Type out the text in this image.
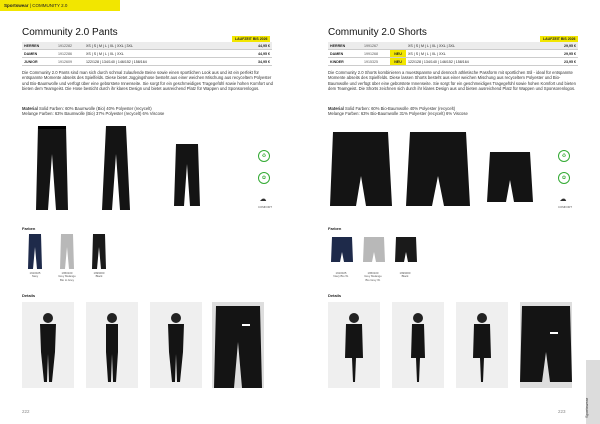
Sportswear | COMMUNITY 2.0
Community 2.0 Pants
LAUFZEIT BIS 2026
HERREN	1912282	XS | S | M | L | XL | XXL | 3XL	44,95 €
DAMEN	1912286	XS | S | M | L | XL | XXL	44,95 €
JUNIOR	1912609	122/128 | 134/140 | 146/152 | 158/164	34,95 €
Die Community 2.0 Pants sind man sich durch schmal zulaufende Beine sowie einen sportlichen Look aus und ist ein perfekt für entspannte Momente abseits des Spielfelds. Diese bietet Joggingshose besteht aus einer weichen Mischung aus recyceltem Polyester und Bio-Baumwolle und verfügt über eine gebürstete Innenseite. Sie sorgt für ein geschmeidiges Tragegefühl sowie hohen Komfort und bieten dem Teamgeist. Die Hose besticht durch ihr klares Design und bietet ausreichend Platz für Wappen und Sponsorenlogos.
Material Solid Farben: 60% Baumwolle (Bio) 40% Polyester (recycelt)
Melange Farben: 63% Baumwolle (Bio) 37% Polyester (recycelt) 6% Viscose
♻
✿
☁
COMFORT
Farben
1910025
Navy
1950100
Grey Melange Bio Lt.Grey
1999000
Black
Details
222
Community 2.0 Shorts
LAUFZEIT BIS 2026
HERREN	1991267		XS | S | M | L | XL | XXL | 3XL	29,95 €
DAMEN	1991268	NEU	XS | S | M | L | XL | XXL	29,95 €
KINDER	1915325	NEU	122/128 | 134/140 | 146/152 | 158/164	23,95 €
Die Community 2.0 Shorts kombinieren a muestspannte und dennoch athletische Passform mit sportlichen Stil - ideal für entspannte Momente abseits des Spielfelds. Diese lassen Shorts besteht aus einer weichen Mischung aus recyceltem Polyester und Bio-Baumwolle und verfügt über eine gebürstete Innenseite. Sie sorgt für ein geschmeidiges Tragegefühl sowie hohen Komfort und bieten dem Teamgeist. Die Shorts zeichnen sich durch ihr klares Design aus und bieten ausreichend Platz für Wappen und Sponsorenlogos.
Material Solid Farben: 60% Bio-Baumwolle 40% Polyester (recycelt)
Melange Farben: 63% Bio-Baumwolle 31% Polyester (recycelt) 6% Viscose
♻
✿
☁
COMFORT
Farben
1910025
Navy Bio W.
1950100
Grey Melange Bio Grey W.
1999000
Black
Details
223	Sportswear
